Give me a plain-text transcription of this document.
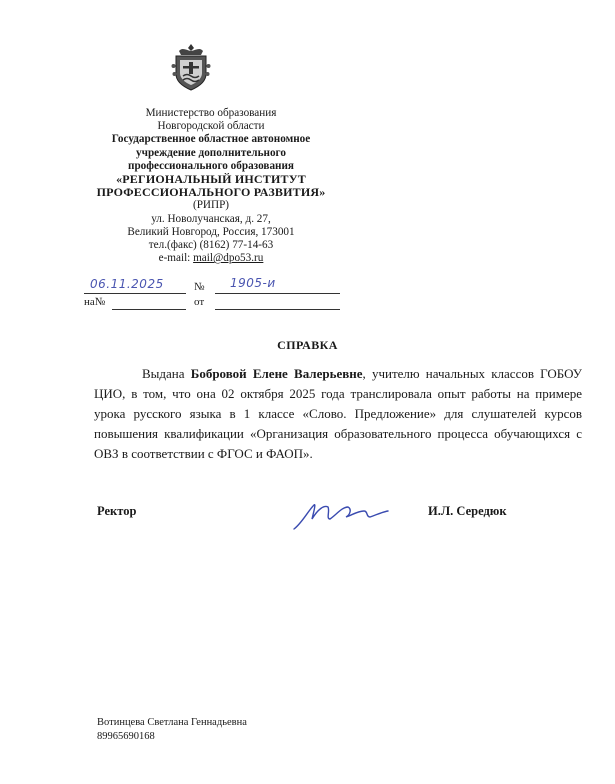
Министерство образования
Новгородской области
Государственное областное автономное
учреждение дополнительного
профессионального образования
«РЕГИОНАЛЬНЫЙ ИНСТИТУТ
ПРОФЕССИОНАЛЬНОГО РАЗВИТИЯ»
(РИПР)
ул. Новолучанская, д. 27,
Великий Новгород, Россия, 173001
тел.(факс) (8162) 77-14-63
e-mail: mail@dpo53.ru
06.11.2025	№ 1905-и
на№	от
СПРАВКА

Выдана Бобровой Елене Валерьевне, учителю начальных классов ГОБОУ ЦИО, в том, что она 02 октября 2025 года транслировала опыт работы на примере урока русского языка в 1 классе «Слово. Предложение» для слушателей курсов повышения квалификации «Организация образовательного процесса обучающихся с ОВЗ в соответствии с ФГОС и ФАОП».

Ректор	И.Л. Середюк
Вотинцева Светлана Геннадьевна
89965690168
